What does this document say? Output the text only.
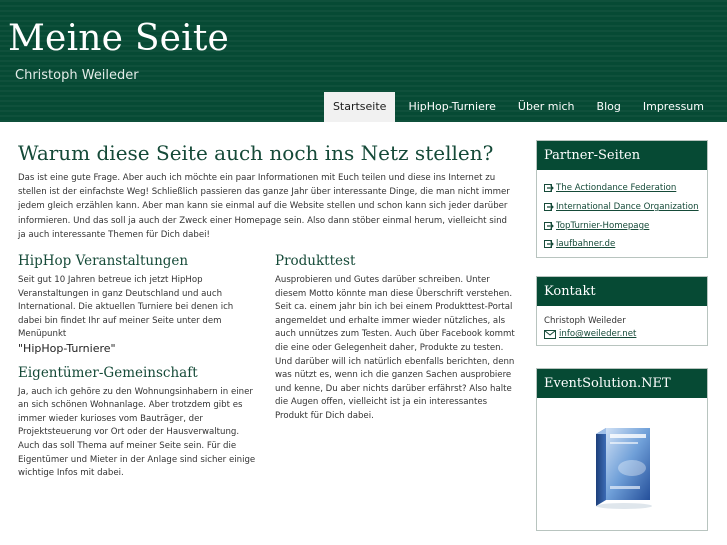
Meine Seite
Christoph Weileder
Startseite	HipHop-Turniere	Über mich	Blog	Impressum
Warum diese Seite auch noch ins Netz stellen?

Das ist eine gute Frage. Aber auch ich möchte ein paar Informationen mit Euch teilen und diese ins Internet zu stellen ist der einfachste Weg! Schließlich passieren das ganze Jahr über interessante Dinge, die man nicht immer jedem gleich erzählen kann. Aber man kann sie einmal auf die Website stellen und schon kann sich jeder darüber informieren. Und das soll ja auch der Zweck einer Homepage sein. Also dann stöber einmal herum, vielleicht sind ja auch interessante Themen für Dich dabei!

HipHop Veranstaltungen

Seit gut 10 Jahren betreue ich jetzt HipHop Veranstaltungen in ganz Deutschland und auch International. Die aktuellen Turniere bei denen ich dabei bin findet Ihr auf meiner Seite unter dem Menüpunkt
"HipHop-Turniere"

Eigentümer-Gemeinschaft

Ja, auch ich gehöre zu den Wohnungsinhabern in einer an sich schönen Wohnanlage. Aber trotzdem gibt es immer wieder kurioses vom Bauträger, der Projektsteuerung vor Ort oder der Hausverwaltung. Auch das soll Thema auf meiner Seite sein. Für die Eigentümer und Mieter in der Anlage sind sicher einige wichtige Infos mit dabei.

Produkttest

Ausprobieren und Gutes darüber schreiben. Unter diesem Motto könnte man diese Überschrift verstehen. Seit ca. einem jahr bin ich bei einem Produkttest-Portal angemeldet und erhalte immer wieder nützliches, als auch unnützes zum Testen. Auch über Facebook kommt die eine oder Gelegenheit daher, Produkte zu testen. Und darüber will ich natürlich ebenfalls berichten, denn was nützt es, wenn ich die ganzen Sachen ausprobiere und kenne, Du aber nichts darüber erfährst? Also halte die Augen offen, vielleicht ist ja ein interessantes Produkt für Dich dabei.

Partner-Seiten
The Actiondance Federation
International Dance Organization
TopTurnier-Homepage
laufbahner.de
Kontakt
Christoph Weileder
info@weileder.net
EventSolution.NET
